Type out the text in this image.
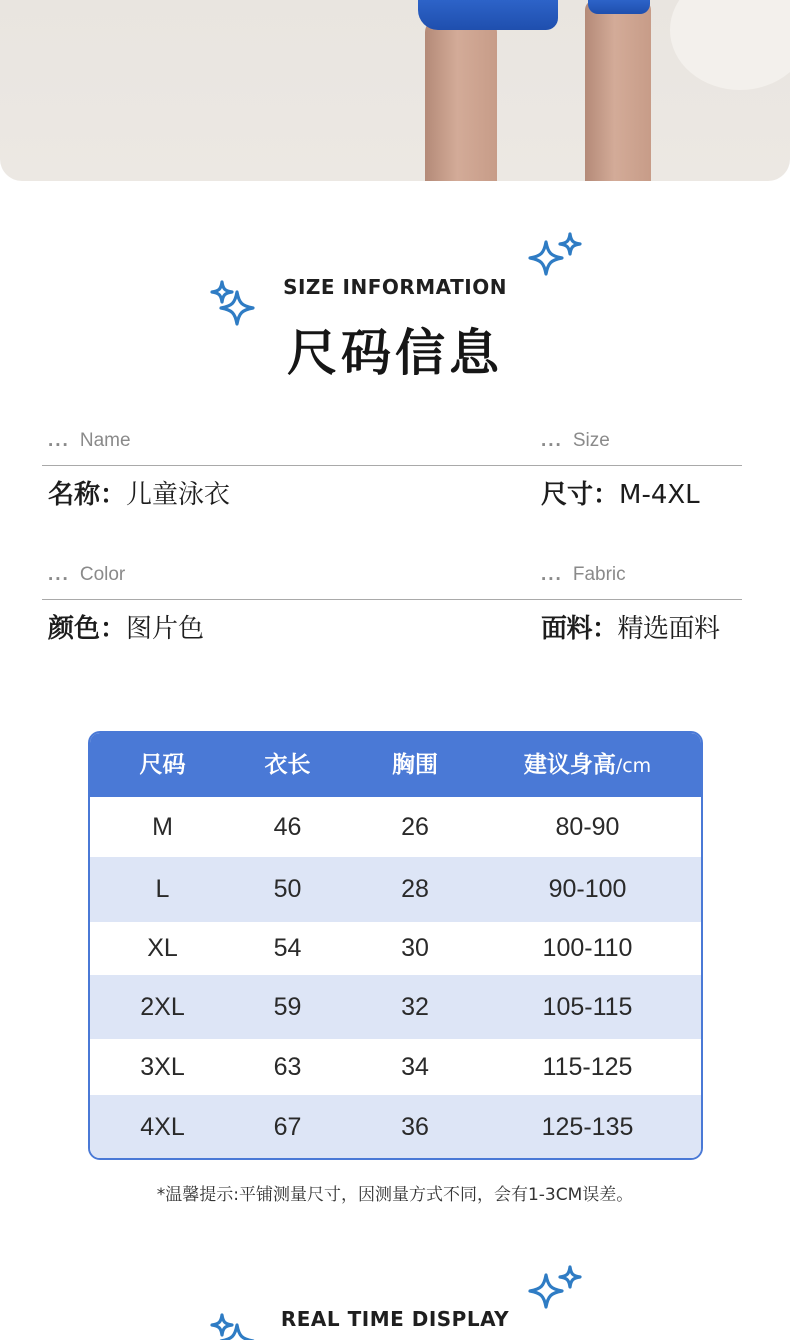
SIZE INFORMATION
尺码信息
... Name
名称：儿童泳衣
... Size
尺寸：M-4XL
... Color
颜色：图片色
... Fabric
面料：精选面料
尺码	衣长	胸围	建议身高/cm
M	46	26	80-90
L	50	28	90-100
XL	54	30	100-110
2XL	59	32	105-115
3XL	63	34	115-125
4XL	67	36	125-135
*温馨提示:平铺测量尺寸，因测量方式不同，会有1-3CM误差。
REAL TIME DISPLAY
